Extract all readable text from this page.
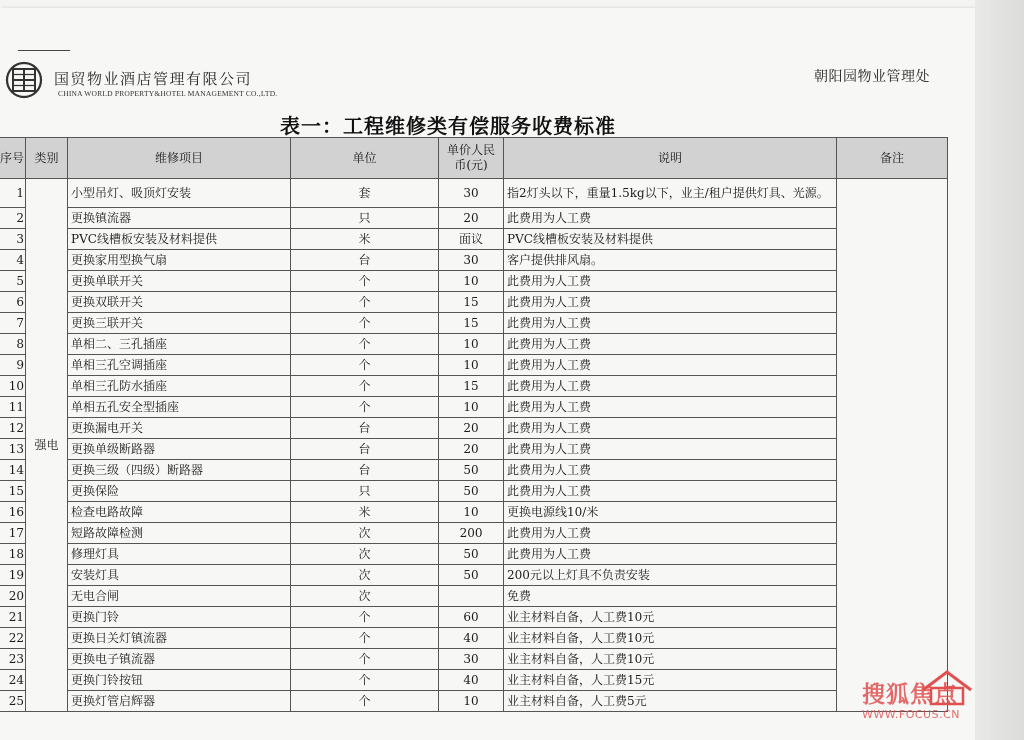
国贸物业酒店管理有限公司
CHINA WORLD PROPERTY&HOTEL MANAGEMENT CO.,LTD.
朝阳园物业管理处
表一：工程维修类有偿服务收费标准
序号	类别	维修项目	单位	单价人民币(元)	说明	备注
1	强电	小型吊灯、吸顶灯安装	套	30	指2灯头以下，重量1.5kg以下，业主/租户提供灯具、光源。	
2		更换镇流器	只	20	此费用为人工费	
3		PVC线槽板安装及材料提供	米	面议	PVC线槽板安装及材料提供	
4		更换家用型换气扇	台	30	客户提供排风扇。	
5		更换单联开关	个	10	此费用为人工费	
6		更换双联开关	个	15	此费用为人工费	
7		更换三联开关	个	15	此费用为人工费	
8		单相二、三孔插座	个	10	此费用为人工费	
9		单相三孔空调插座	个	10	此费用为人工费	
10		单相三孔防水插座	个	15	此费用为人工费	
11		单相五孔安全型插座	个	10	此费用为人工费	
12		更换漏电开关	台	20	此费用为人工费	
13		更换单级断路器	台	20	此费用为人工费	
14		更换三级（四级）断路器	台	50	此费用为人工费	
15		更换保险	只	50	此费用为人工费	
16		检查电路故障	米	10	更换电源线10/米	
17		短路故障检测	次	200	此费用为人工费	
18		修理灯具	次	50	此费用为人工费	
19		安装灯具	次	50	200元以上灯具不负责安装	
20		无电合闸	次		免费	
21		更换门铃	个	60	业主材料自备，人工费10元	
22		更换日关灯镇流器	个	40	业主材料自备，人工费10元	
23		更换电子镇流器	个	30	业主材料自备，人工费10元	
24		更换门铃按钮	个	40	业主材料自备，人工费15元	
25		更换灯管启辉器	个	10	业主材料自备，人工费5元		搜狐焦点
WWW.FOCUS.CN
